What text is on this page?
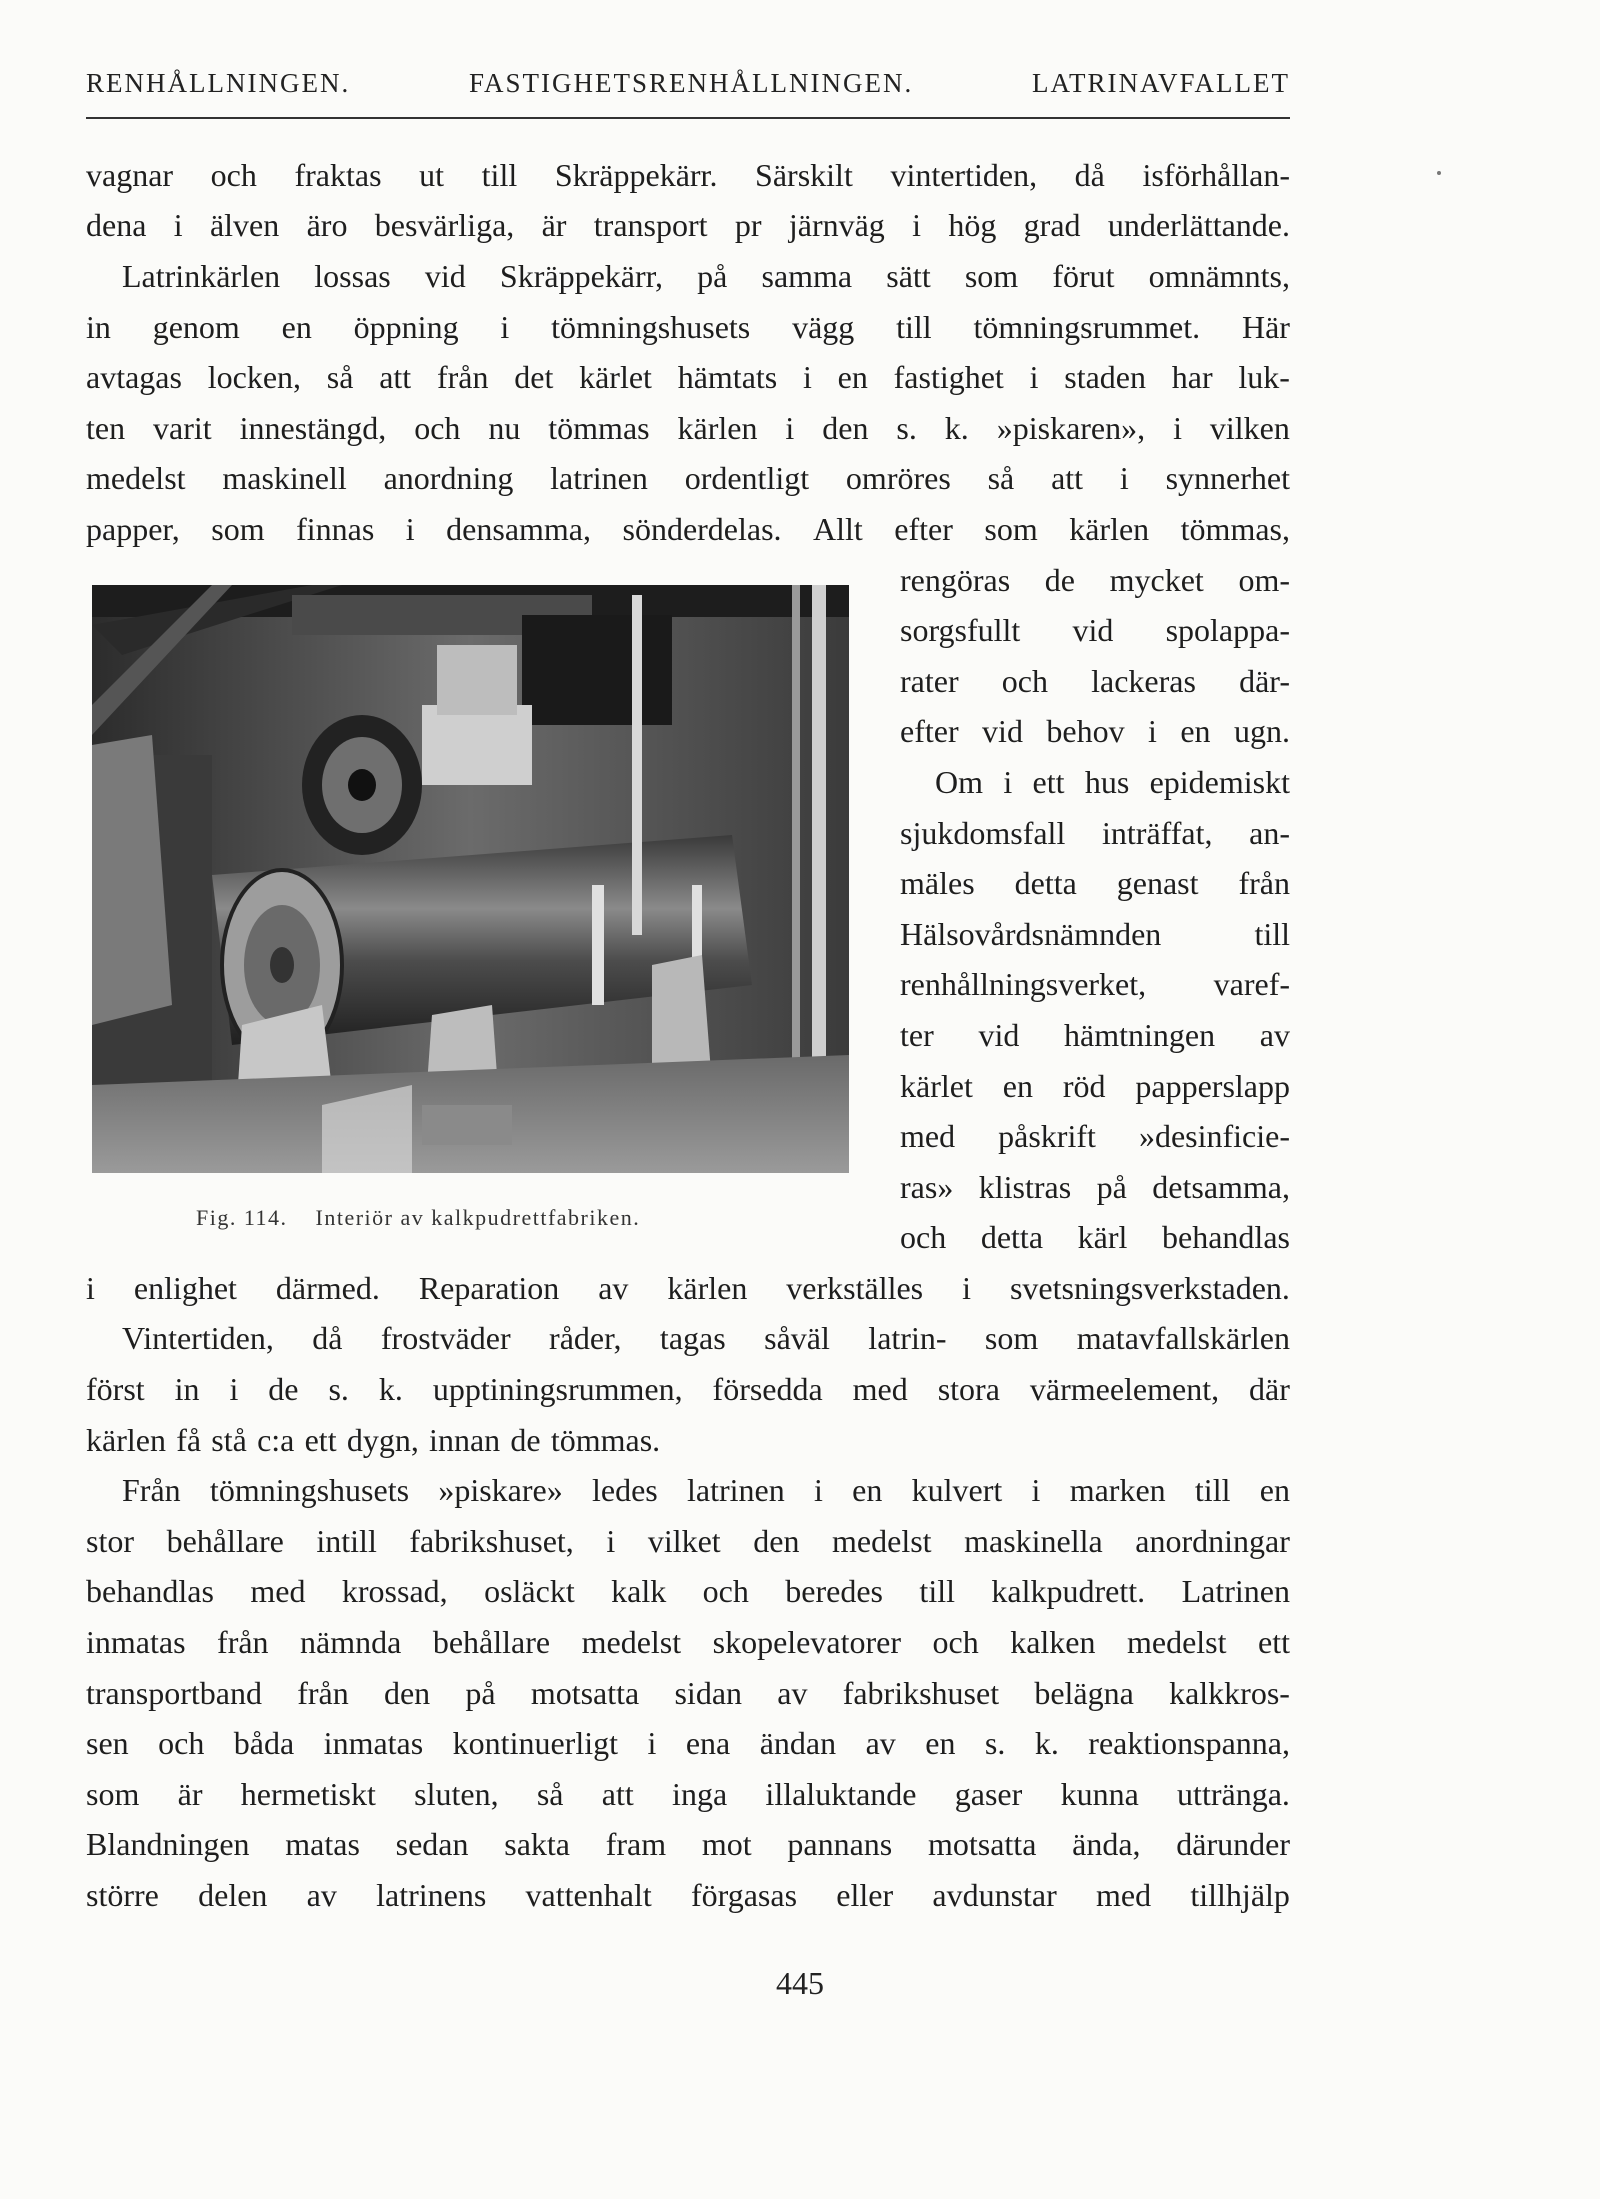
RENHÅLLNINGEN.	FASTIGHETSRENHÅLLNINGEN.	LATRINAVFALLET
vagnar och fraktas ut till Skräppekärr. Särskilt vintertiden, då isförhållan-
dena i älven äro besvärliga, är transport pr järnväg i hög grad underlättande.
Latrinkärlen lossas vid Skräppekärr, på samma sätt som förut omnämnts,
in genom en öppning i tömningshusets vägg till tömningsrummet. Här
avtagas locken, så att från det kärlet hämtats i en fastighet i staden har luk-
ten varit innestängd, och nu tömmas kärlen i den s. k. »piskaren», i vilken
medelst maskinell anordning latrinen ordentligt omröres så att i synnerhet
papper, som finnas i densamma, sönderdelas. Allt efter som kärlen tömmas,
rengöras de mycket om-
sorgsfullt vid spolappa-
rater och lackeras där-
efter vid behov i en ugn.
Om i ett hus epidemiskt
sjukdomsfall inträffat, an-
mäles detta genast från
Hälsovårdsnämnden	till
renhållningsverket, varef-
ter vid hämtningen av
kärlet en röd papperslapp
med påskrift »desinficie-
ras» klistras på detsamma,
och detta kärl behandlas
i enlighet därmed. Reparation av kärlen verkställes i svetsningsverkstaden.
Vintertiden, då frostväder råder, tagas såväl latrin- som matavfallskärlen
först in i de s. k. upptiningsrummen, försedda med stora värmeelement, där
kärlen få stå c:a ett dygn, innan de tömmas.
Från tömningshusets »piskare» ledes latrinen i en kulvert i marken till en
stor behållare intill fabrikshuset, i vilket den medelst maskinella anordningar
behandlas med krossad, osläckt kalk och beredes till kalkpudrett. Latrinen
inmatas från nämnda behållare medelst skopelevatorer och kalken medelst ett
transportband från den på motsatta sidan av fabrikshuset belägna kalkkros-
sen och båda inmatas kontinuerligt i ena ändan av en s. k. reaktionspanna,
som är hermetiskt sluten, så att inga illaluktande gaser kunna uttränga.
Blandningen matas sedan sakta fram mot pannans motsatta ända, därunder
större delen av latrinens vattenhalt förgasas eller avdunstar med tillhjälp
Fig. 114. Interiör av kalkpudrettfabriken.
445
